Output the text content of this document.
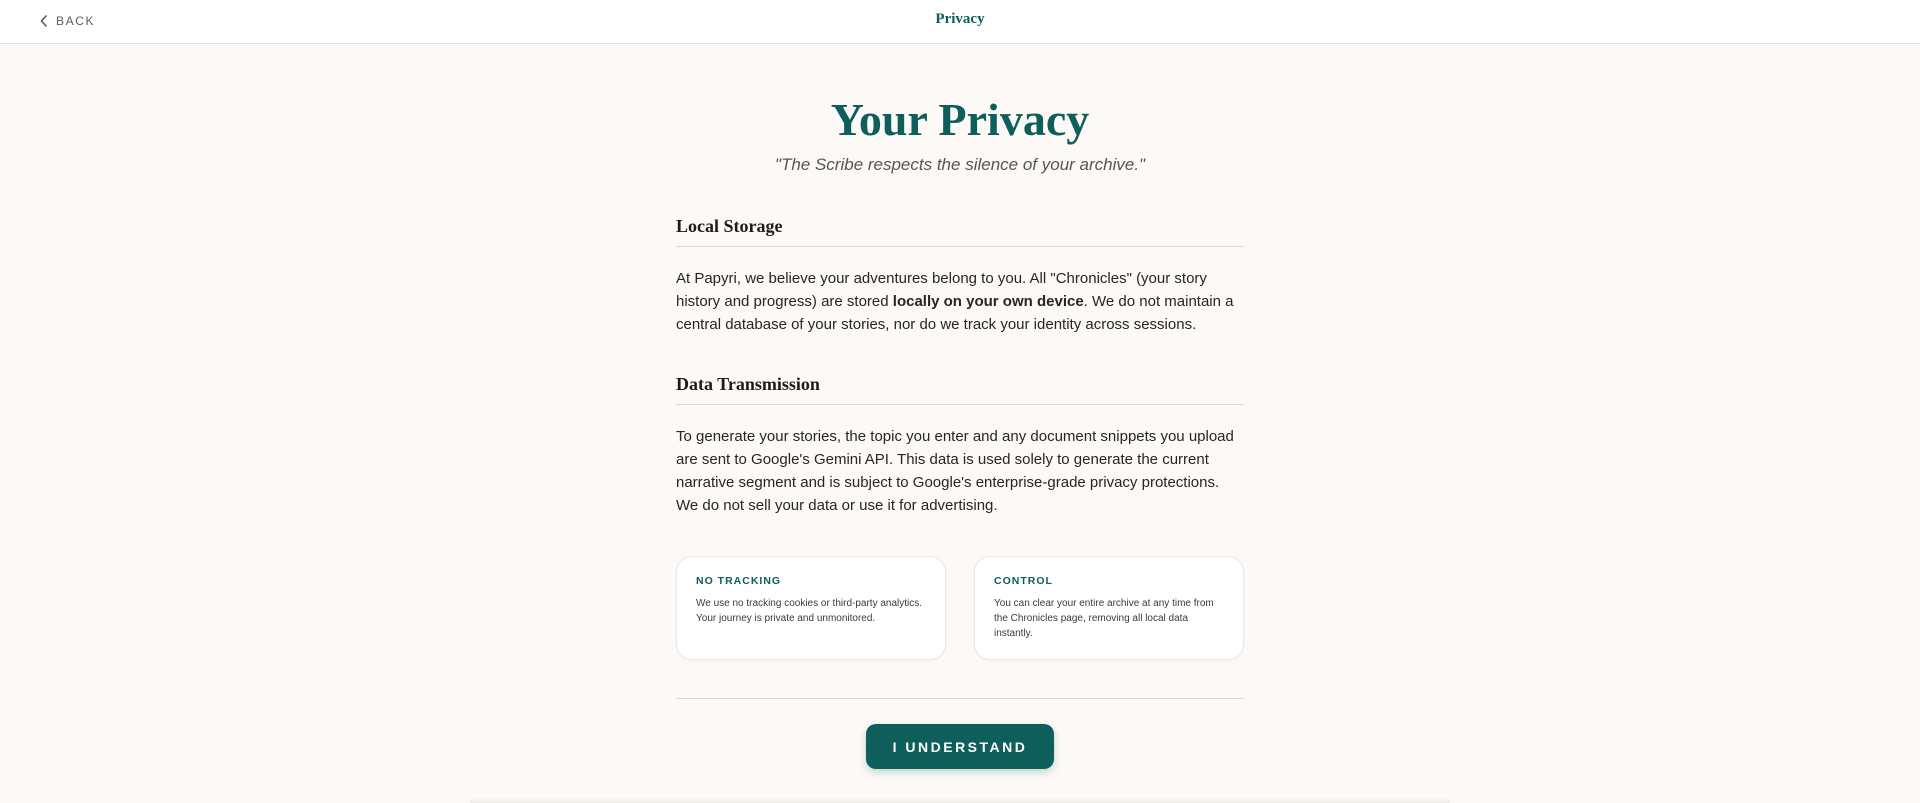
BACK	Privacy
Your Privacy
"The Scribe respects the silence of your archive."
Local Storage

At Papyri, we believe your adventures belong to you. All "Chronicles" (your story history and progress) are stored locally on your own device. We do not maintain a central database of your stories, nor do we track your identity across sessions.

Data Transmission

To generate your stories, the topic you enter and any document snippets you upload are sent to Google's Gemini API. This data is used solely to generate the current narrative segment and is subject to Google's enterprise-grade privacy protections. We do not sell your data or use it for advertising.

NO TRACKING
We use no tracking cookies or third-party analytics. Your journey is private and unmonitored.
CONTROL
You can clear your entire archive at any time from the Chronicles page, removing all local data instantly.
I UNDERSTAND
